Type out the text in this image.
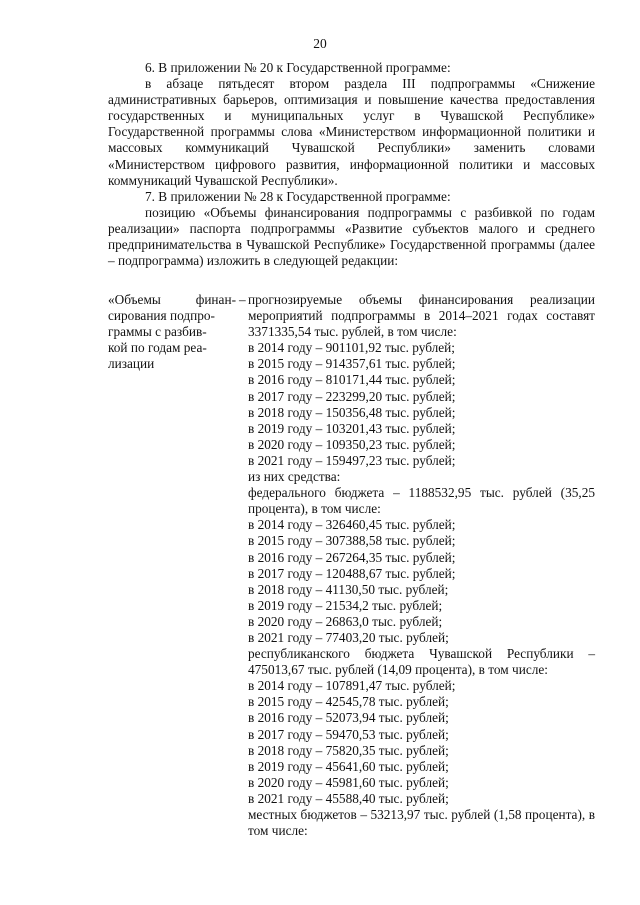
20

6. В приложении № 20 к Государственной программе:

в абзаце пятьдесят втором раздела III подпрограммы «Снижение административных барьеров, оптимизация и повышение качества предоставления государственных и муниципальных услуг в Чувашской Республике» Государственной программы слова «Министерством информационной политики и массовых коммуникаций Чувашской Республики» заменить словами «Министерством цифрового развития, информационной политики и массовых коммуникаций Чувашской Республики».

7. В приложении № 28 к Государственной программе:

позицию «Объемы финансирования подпрограммы с разбивкой по годам реализации» паспорта подпрограммы «Развитие субъектов малого и среднего предпринимательства в Чувашской Республике» Государственной программы (далее – подпрограмма) изложить в следующей редакции:

«Объемы	финан-
сирования подпро-
граммы с разбив-
кой по годам реа-
лизации
– прогнозируемые объемы финансирования реализации мероприятий подпрограммы в 2014–2021 годах составят 3371335,54 тыс. рублей, в том числе:

в 2014 году – 901101,92 тыс. рублей;

в 2015 году – 914357,61 тыс. рублей;

в 2016 году – 810171,44 тыс. рублей;

в 2017 году – 223299,20 тыс. рублей;

в 2018 году – 150356,48 тыс. рублей;

в 2019 году – 103201,43 тыс. рублей;

в 2020 году – 109350,23 тыс. рублей;

в 2021 году – 159497,23 тыс. рублей;

из них средства:

федерального бюджета – 1188532,95 тыс. рублей (35,25 процента), в том числе:

в 2014 году – 326460,45 тыс. рублей;

в 2015 году – 307388,58 тыс. рублей;

в 2016 году – 267264,35 тыс. рублей;

в 2017 году – 120488,67 тыс. рублей;

в 2018 году – 41130,50 тыс. рублей;

в 2019 году – 21534,2 тыс. рублей;

в 2020 году – 26863,0 тыс. рублей;

в 2021 году – 77403,20 тыс. рублей;

республиканского бюджета Чувашской Республики – 475013,67 тыс. рублей (14,09 процента), в том числе:

в 2014 году – 107891,47 тыс. рублей;

в 2015 году – 42545,78 тыс. рублей;

в 2016 году – 52073,94 тыс. рублей;

в 2017 году – 59470,53 тыс. рублей;

в 2018 году – 75820,35 тыс. рублей;

в 2019 году – 45641,60 тыс. рублей;

в 2020 году – 45981,60 тыс. рублей;

в 2021 году – 45588,40 тыс. рублей;

местных бюджетов – 53213,97 тыс. рублей (1,58 процента), в том числе:
